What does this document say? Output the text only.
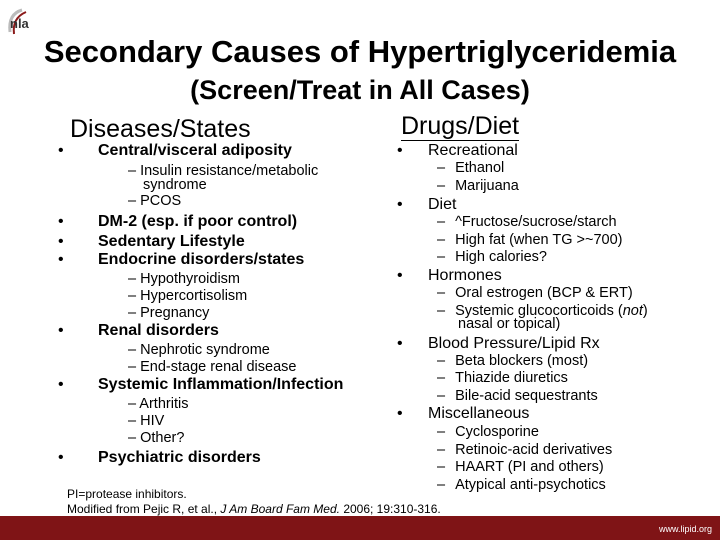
nla
Secondary Causes of Hypertriglyceridemia
(Screen/Treat in All Cases)
Diseases/States	Drugs/Diet
• Central/visceral adiposity
– Insulin resistance/metabolic
syndrome
– PCOS
• DM-2 (esp. if poor control)
• Sedentary Lifestyle
• Endocrine disorders/states
– Hypothyroidism
– Hypercortisolism
– Pregnancy
• Renal disorders
– Nephrotic syndrome
– End-stage renal disease
• Systemic Inflammation/Infection
– Arthritis
– HIV
– Other?
• Psychiatric disorders
• Recreational
– Ethanol
– Marijuana
• Diet
– ^Fructose/sucrose/starch
– High fat (when TG >~700)
– High calories?
• Hormones
– Oral estrogen (BCP & ERT)
– Systemic glucocorticoids (not)
nasal or topical)
• Blood Pressure/Lipid Rx
– Beta blockers (most)
– Thiazide diuretics
– Bile-acid sequestrants
• Miscellaneous
– Cyclosporine
– Retinoic-acid derivatives
– HAART (PI and others)
– Atypical anti-psychotics
PI=protease inhibitors.
Modified from Pejic R, et al., J Am Board Fam Med. 2006; 19:310-316.
www.lipid.org
